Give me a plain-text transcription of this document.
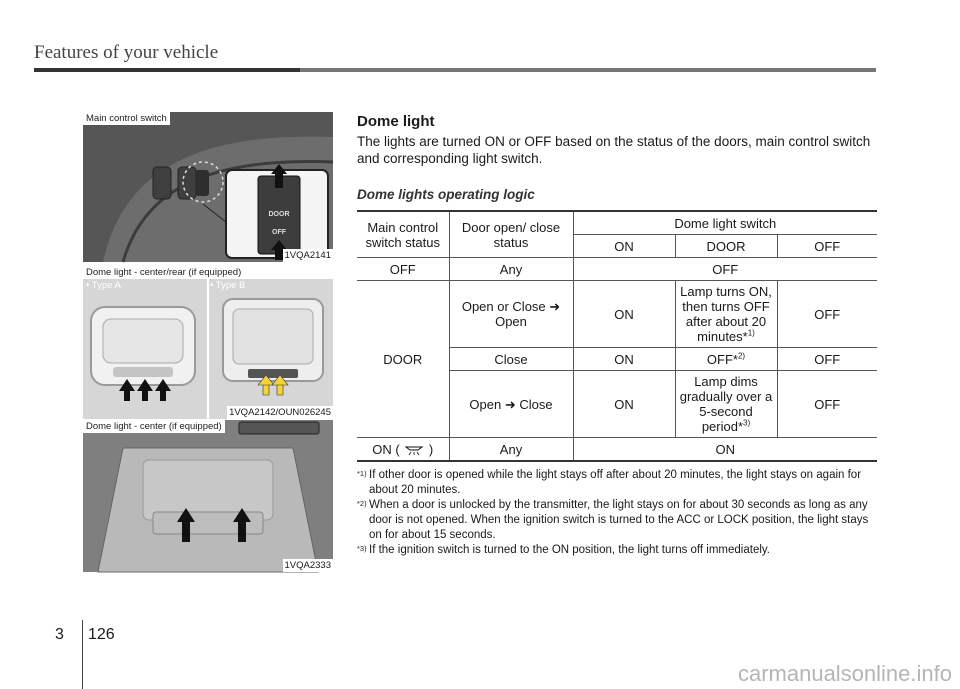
Features of your vehicle
DOOR
OFF
Main control switch
1VQA2141
Dome light - center/rear (if equipped)
• Type A	• Type B
1VQA2142/OUN026245
Dome light - center (if equipped)
1VQA2333
Dome light
The lights are turned ON or OFF based on the status of the doors, main control switch and corresponding light switch.
Dome lights operating logic
Main control switch status	Door open/ close status	Dome light switch		
		ON	DOOR	OFF
OFF	Any	OFF		
DOOR	Open or Close ➜ Open	ON	Lamp turns ON, then turns OFF after about 20 minutes*$^{1)}$	OFF
	Close	ON	OFF*$^{2)}$	OFF
	Open ➜ Close	ON	Lamp dims gradually over a 5-second period*$^{3)}$	OFF
ON ( )	Any	ON		
*1) If other door is opened while the light stays off after about 20 minutes, the light stays on again for about 20 minutes.
*2) When a door is unlocked by the transmitter, the light stays on for about 30 seconds as long as any door is not opened. When the ignition switch is turned to the ACC or LOCK position, the light stays on for about 15 seconds.
*3) If the ignition switch is turned to the ON position, the light turns off immediately.
3 126
carmanualsonline.info
